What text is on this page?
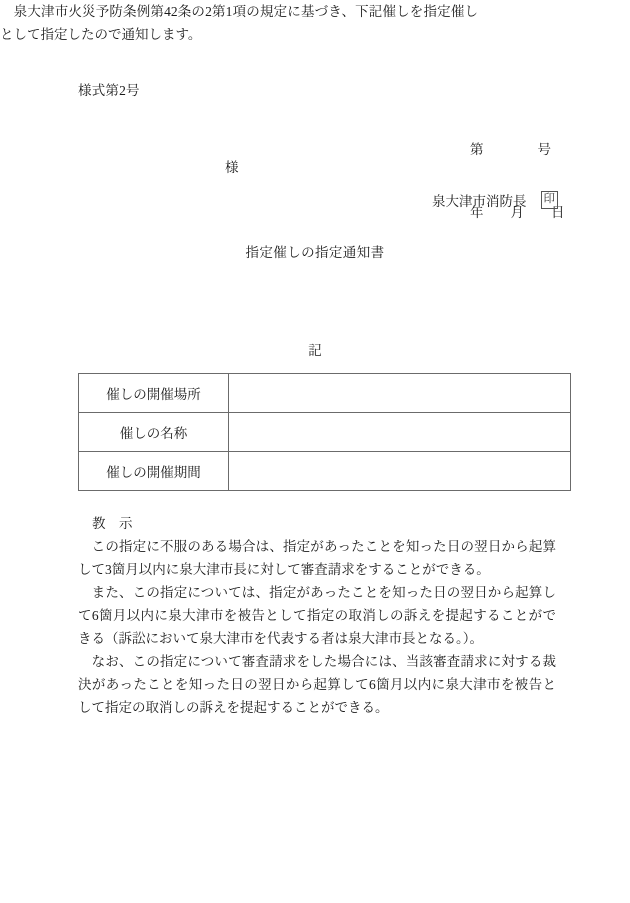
様式第2号

第　　　　号

年　　月　　日

様
泉大津市消防長 印
指定催しの指定通知書
　泉大津市火災予防条例第42条の2第1項の規定に基づき、下記催しを指定催しとして指定したので通知します。
記
催しの開催場所	
催しの名称	
催しの開催期間	

教　示

　この指定に不服のある場合は、指定があったことを知った日の翌日から起算して3箇月以内に泉大津市長に対して審査請求をすることができる。

　また、この指定については、指定があったことを知った日の翌日から起算して6箇月以内に泉大津市を被告として指定の取消しの訴えを提起することができる（訴訟において泉大津市を代表する者は泉大津市長となる。）。

　なお、この指定について審査請求をした場合には、当該審査請求に対する裁決があったことを知った日の翌日から起算して6箇月以内に泉大津市を被告として指定の取消しの訴えを提起することができる。
